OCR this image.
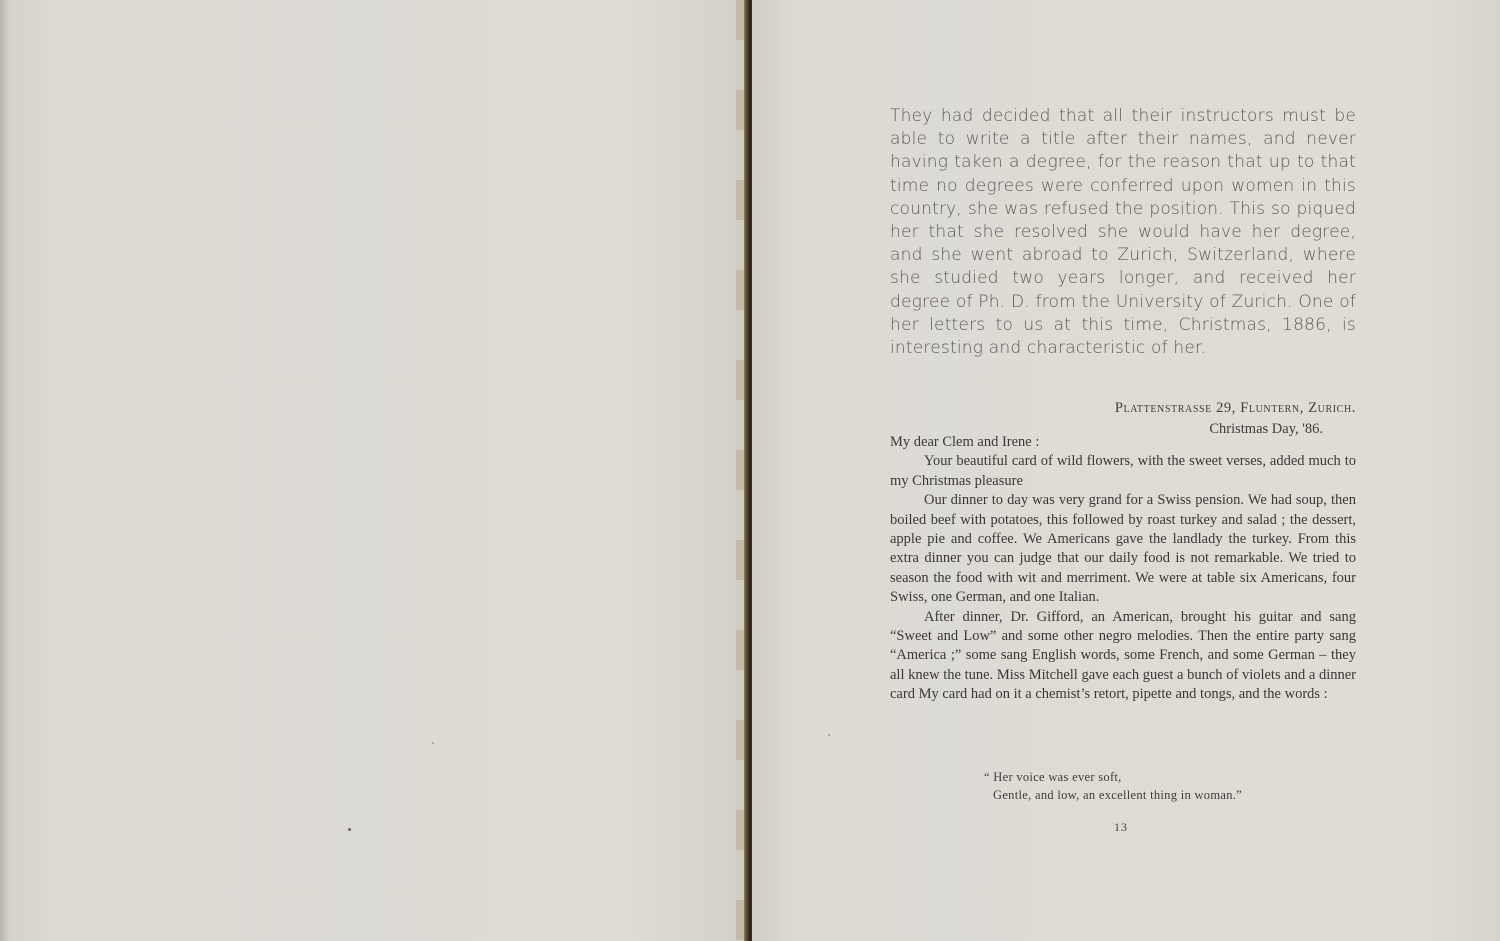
They had decided that all their instructors must be able to write a title after their names, and never having taken a degree, for the reason that up to that time no degrees were conferred upon women in this country, she was refused the position. This so piqued her that she resolved she would have her degree, and she went abroad to Zurich, Switzerland, where she studied two years longer, and received her degree of Ph. D. from the University of Zurich. One of her letters to us at this time, Christmas, 1886, is interesting and characteristic of her.
Plattenstrasse 29, Fluntern, Zurich.
Christmas Day, '86.

My dear Clem and Irene :

Your beautiful card of wild flowers, with the sweet verses, added much to my Christmas pleasure

Our dinner to day was very grand for a Swiss pension. We had soup, then boiled beef with potatoes, this followed by roast turkey and salad ; the dessert, apple pie and coffee. We Americans gave the landlady the turkey. From this extra dinner you can judge that our daily food is not remarkable. We tried to season the food with wit and merriment. We were at table six Americans, four Swiss, one German, and one Italian.

After dinner, Dr. Gifford, an American, brought his guitar and sang “Sweet and Low” and some other negro melodies. Then the entire party sang “America ;” some sang English words, some French, and some German – they all knew the tune. Miss Mitchell gave each guest a bunch of violets and a dinner card My card had on it a chemist’s retort, pipette and tongs, and the words :

“ Her voice was ever soft,
Gentle, and low, an excellent thing in woman.”
13
